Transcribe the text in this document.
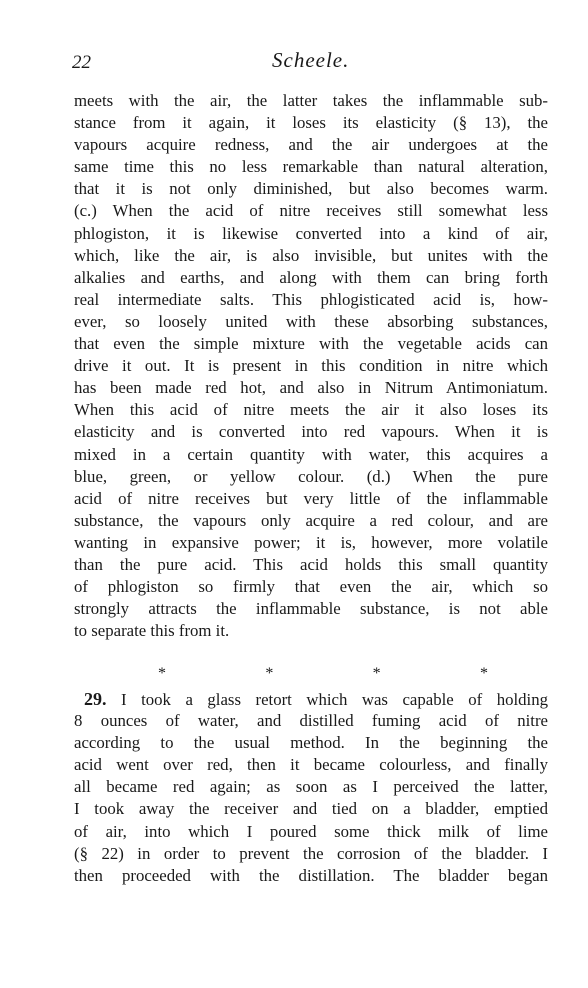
22	Scheele.
meets with the air, the latter takes the inflammable sub-
stance from it again, it loses its elasticity (§ 13), the
vapours acquire redness, and the air undergoes at the
same time this no less remarkable than natural alteration,
that it is not only diminished, but also becomes warm.
(c.) When the acid of nitre receives still somewhat less
phlogiston, it is likewise converted into a kind of air,
which, like the air, is also invisible, but unites with the
alkalies and earths, and along with them can bring forth
real intermediate salts. This phlogisticated acid is, how-
ever, so loosely united with these absorbing substances,
that even the simple mixture with the vegetable acids can
drive it out. It is present in this condition in nitre which
has been made red hot, and also in Nitrum Antimoniatum.
When this acid of nitre meets the air it also loses its
elasticity and is converted into red vapours. When it is
mixed in a certain quantity with water, this acquires a
blue, green, or yellow colour. (d.) When the pure
acid of nitre receives but very little of the inflammable
substance, the vapours only acquire a red colour, and are
wanting in expansive power; it is, however, more volatile
than the pure acid. This acid holds this small quantity
of phlogiston so firmly that even the air, which so
strongly attracts the inflammable substance, is not able
to separate this from it.
*	*	*	*
29. I took a glass retort which was capable of holding
8 ounces of water, and distilled fuming acid of nitre
according to the usual method. In the beginning the
acid went over red, then it became colourless, and finally
all became red again; as soon as I perceived the latter,
I took away the receiver and tied on a bladder, emptied
of air, into which I poured some thick milk of lime
(§ 22) in order to prevent the corrosion of the bladder. I
then proceeded with the distillation. The bladder began
